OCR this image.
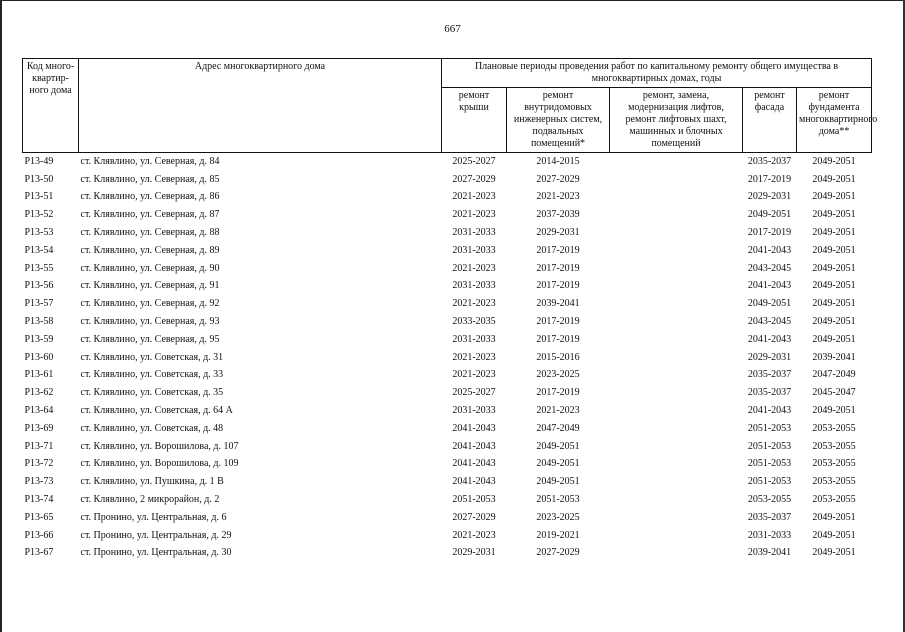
667
Код много-квартир-ного дома	Адрес многоквартирного дома	Плановые периоды проведения работ по капитальному ремонту общего имущества в многоквартирных домах, годы				
		ремонт крыши	ремонт внутридомовых инженерных систем, подвальных помещений*	ремонт, замена, модернизация лифтов, ремонт лифтовых шахт, машинных и блочных помещений	ремонт фасада	ремонт фундамента многоквартирного дома**
Р13-49	ст. Клявлино, ул. Северная, д. 84	2025-2027	2014-2015		2035-2037	2049-2051
Р13-50	ст. Клявлино, ул. Северная, д. 85	2027-2029	2027-2029		2017-2019	2049-2051
Р13-51	ст. Клявлино, ул. Северная, д. 86	2021-2023	2021-2023		2029-2031	2049-2051
Р13-52	ст. Клявлино, ул. Северная, д. 87	2021-2023	2037-2039		2049-2051	2049-2051
Р13-53	ст. Клявлино, ул. Северная, д. 88	2031-2033	2029-2031		2017-2019	2049-2051
Р13-54	ст. Клявлино, ул. Северная, д. 89	2031-2033	2017-2019		2041-2043	2049-2051
Р13-55	ст. Клявлино, ул. Северная, д. 90	2021-2023	2017-2019		2043-2045	2049-2051
Р13-56	ст. Клявлино, ул. Северная, д. 91	2031-2033	2017-2019		2041-2043	2049-2051
Р13-57	ст. Клявлино, ул. Северная, д. 92	2021-2023	2039-2041		2049-2051	2049-2051
Р13-58	ст. Клявлино, ул. Северная, д. 93	2033-2035	2017-2019		2043-2045	2049-2051
Р13-59	ст. Клявлино, ул. Северная, д. 95	2031-2033	2017-2019		2041-2043	2049-2051
Р13-60	ст. Клявлино, ул. Советская, д. 31	2021-2023	2015-2016		2029-2031	2039-2041
Р13-61	ст. Клявлино, ул. Советская, д. 33	2021-2023	2023-2025		2035-2037	2047-2049
Р13-62	ст. Клявлино, ул. Советская, д. 35	2025-2027	2017-2019		2035-2037	2045-2047
Р13-64	ст. Клявлино, ул. Советская, д. 64 А	2031-2033	2021-2023		2041-2043	2049-2051
Р13-69	ст. Клявлино, ул. Советская, д. 48	2041-2043	2047-2049		2051-2053	2053-2055
Р13-71	ст. Клявлино, ул. Ворошилова, д. 107	2041-2043	2049-2051		2051-2053	2053-2055
Р13-72	ст. Клявлино, ул. Ворошилова, д. 109	2041-2043	2049-2051		2051-2053	2053-2055
Р13-73	ст. Клявлино, ул. Пушкина, д. 1 В	2041-2043	2049-2051		2051-2053	2053-2055
Р13-74	ст. Клявлино, 2 микрорайон, д. 2	2051-2053	2051-2053		2053-2055	2053-2055
Р13-65	ст. Пронино, ул. Центральная, д. 6	2027-2029	2023-2025		2035-2037	2049-2051
Р13-66	ст. Пронино, ул. Центральная, д. 29	2021-2023	2019-2021		2031-2033	2049-2051
Р13-67	ст. Пронино, ул. Центральная, д. 30	2029-2031	2027-2029		2039-2041	2049-2051
